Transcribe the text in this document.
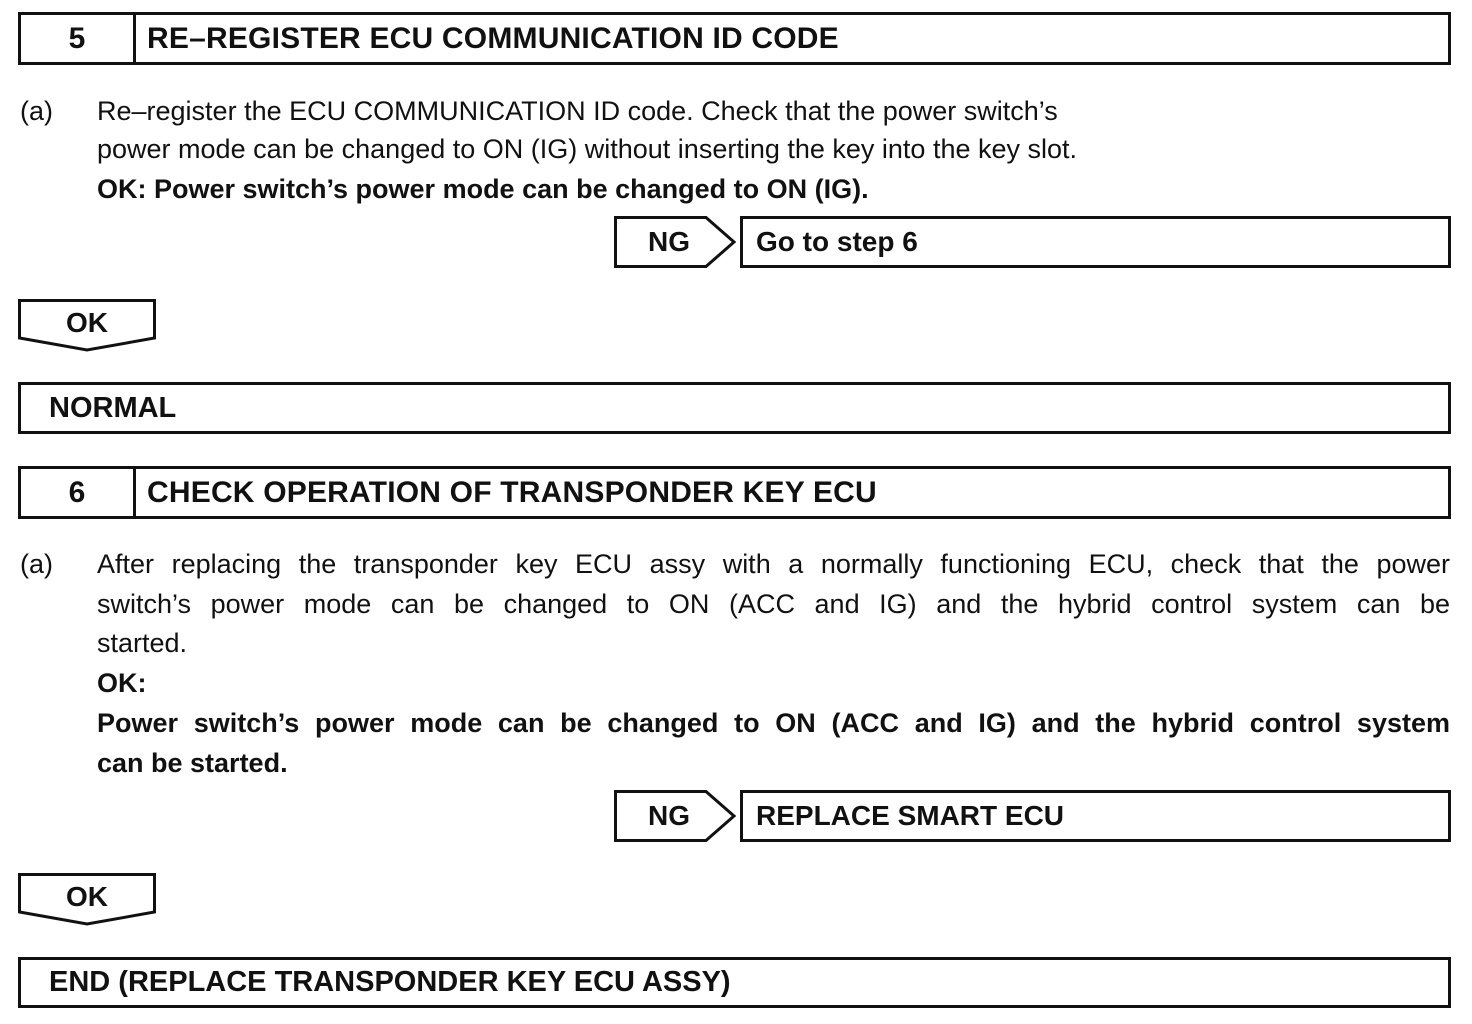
5	RE–REGISTER ECU COMMUNICATION ID CODE
(a) Re–register the ECU COMMUNICATION ID code. Check that the power switch’s

power mode can be changed to ON (IG) without inserting the key into the key slot.

OK: Power switch’s power mode can be changed to ON (IG).

NG	Go to step 6
OK
NORMAL
6	CHECK OPERATION OF TRANSPONDER KEY ECU
(a) After replacing the transponder key ECU assy with a normally functioning ECU, check that the power

switch’s power mode can be changed to ON (ACC and IG) and the hybrid control system can be

started.

OK:

Power switch’s power mode can be changed to ON (ACC and IG) and the hybrid control system

can be started.

NG	REPLACE SMART ECU
OK
END (REPLACE TRANSPONDER KEY ECU ASSY)
